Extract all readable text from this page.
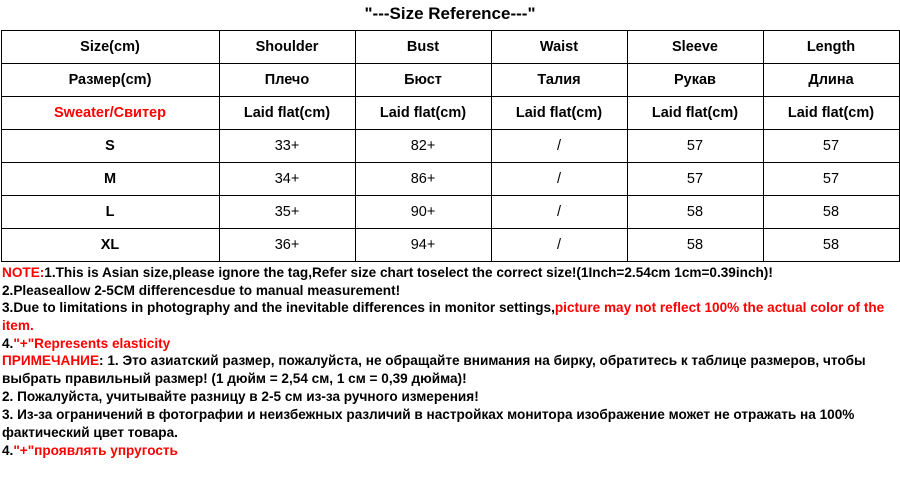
"---Size Reference---"
Size(cm)	Shoulder	Bust	Waist	Sleeve	Length
Размер(cm)	Плечо	Бюст	Талия	Рукав	Длина
Sweater/Свитер	Laid flat(cm)	Laid flat(cm)	Laid flat(cm)	Laid flat(cm)	Laid flat(cm)
S	33+	82+	/	57	57
M	34+	86+	/	57	57
L	35+	90+	/	58	58
XL	36+	94+	/	58	58
NOTE:1.This is Asian size,please ignore the tag,Refer size chart toselect the correct size!(1Inch=2.54cm 1cm=0.39inch)!
2.Pleaseallow 2-5CM differencesdue to manual measurement!
3.Due to limitations in photography and the inevitable differences in monitor settings,picture may not reflect 100% the actual color of the item.
4."+"Represents elasticity
ПРИМЕЧАНИЕ: 1. Это азиатский размер, пожалуйста, не обращайте внимания на бирку, обратитесь к таблице размеров, чтобы выбрать правильный размер! (1 дюйм = 2,54 см, 1 см = 0,39 дюйма)!
2. Пожалуйста, учитывайте разницу в 2-5 см из-за ручного измерения!
3. Из-за ограничений в фотографии и неизбежных различий в настройках монитора изображение может не отражать на 100% фактический цвет товара.
4."+"проявлять упругость
